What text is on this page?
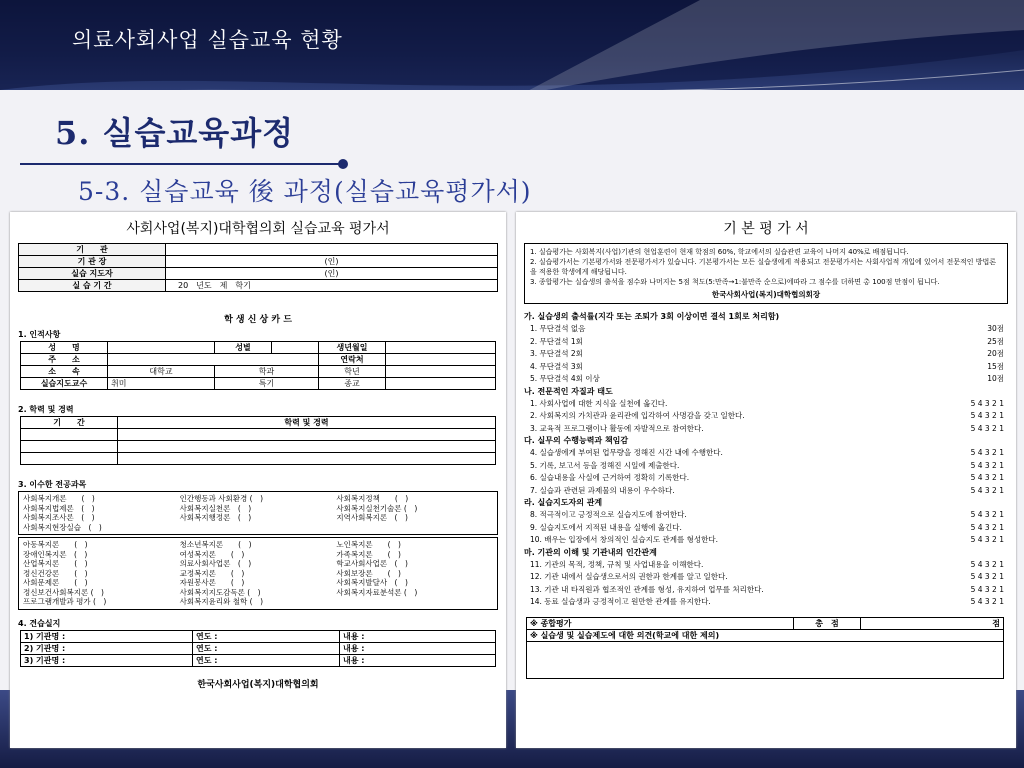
의료사회사업 실습교육 현황
5. 실습교육과정
5-3. 실습교육 後 과정(실습교육평가서)
사회사업(복지)대학협의회 실습교육 평가서
기　　관	
기 관 장	(인)
실습 지도자	(인)
실 습 기 간	20　년도　제　학기
학 생 신 상 카 드
1. 인적사항
성　　명		성별		생년월일	
주　　소				연락처	
소　　속	대학교	학과		학년	
실습지도교수	취미	특기		종교	
2. 학력 및 경력
기　　간	학력 및 경력

3. 이수한 전공과목
사회복지개론　　(　)	인간행동과 사회환경 (　)	사회복지정책　　(　)
사회복지법제론　(　)	사회복지실천론　(　)	사회복지실천기술론 (　)
사회복지조사론　(　)	사회복지행정론　(　)	지역사회복지론　(　)
사회복지현장실습　(　)
아동복지론　　(　)	청소년복지론　　(　)	노인복지론　　(　)
장애인복지론　(　)	여성복지론　　(　)	가족복지론　　(　)
산업복지론　　(　)	의료사회사업론　(　)	학교사회사업론　(　)
정신건강론　　(　)	교정복지론　　(　)	사회보장론　　(　)
사회문제론　　(　)	자원봉사론　　(　)	사회복지발달사　(　)
정신보건사회복지론 (　)	사회복지지도감독론 (　)	사회복지자료분석론 (　)
프로그램개발과 평가 (　)	사회복지윤리와 철학 (　)
4. 견습실지
1) 기관명 :	연도 :	내용 :
2) 기관명 :	연도 :	내용 :
3) 기관명 :	연도 :	내용 :
한국사회사업(복지)대학협의회
기 본 평 가 서
1. 실습평가는 사회복지(사업)기관의 현업훈련이 현재 학점의 60%, 학교에서의 실습관련 교육이 나머지 40%로 배점됩니다.
2. 실습평가서는 기본평가서와 전문평가서가 있습니다. 기본평가서는 모든 실습생에게 적용되고 전문평가서는 사회사업적 개입에 있어서 전문적인 방법론을 적용한 학생에게 해당됩니다.
3. 종합평가는 실습생의 출석을 점수와 나머지는 5점 척도(5:만족→1:불만족 순으로)에따라 그 점수를 더하면 총 100점 만점이 됩니다.
한국사회사업(복지)대학협의회장
가. 실습생의 출석률(지각 또는 조퇴가 3회 이상이면 결석 1회로 처리함)
1. 무단결석 없음	30점
2. 무단결석 1회	25점
3. 무단결석 2회	20점
4. 무단결석 3회	15점
5. 무단결석 4회 이상	10점
나. 전문적인 자질과 태도
1. 사회사업에 대한 지식을 실천에 옮긴다.	5 4 3 2 1
2. 사회복지의 가치관과 윤리관에 입각하여 사명감을 갖고 일한다.	5 4 3 2 1
3. 교육적 프로그램이나 활동에 자발적으로 참여한다.	5 4 3 2 1
다. 실무의 수행능력과 책임감
4. 실습생에게 부여된 업무량을 정해진 시간 내에 수행한다.	5 4 3 2 1
5. 기록, 보고서 등을 정해진 시일에 제출한다.	5 4 3 2 1
6. 실습내용을 사실에 근거하여 정확히 기록한다.	5 4 3 2 1
7. 실습과 관련된 과제물의 내용이 우수하다.	5 4 3 2 1
라. 실습지도자의 관계
8. 적극적이고 긍정적으로 실습지도에 참여한다.	5 4 3 2 1
9. 실습지도에서 지적된 내용을 실행에 옮긴다.	5 4 3 2 1
10. 배우는 입장에서 창의적인 실습지도 관계를 형성한다.	5 4 3 2 1
마. 기관의 이해 및 기관내의 인간관계
11. 기관의 목적, 정책, 규칙 및 사업내용을 이해한다.	5 4 3 2 1
12. 기관 내에서 실습생으로서의 권한과 한계를 알고 일한다.	5 4 3 2 1
13. 기관 내 타직원과 협조적인 관계를 형성, 유지하여 업무를 처리한다.	5 4 3 2 1
14. 동료 실습생과 긍정적이고 원만한 관계를 유지한다.	5 4 3 2 1
※ 종합평가	총　점	점
※ 실습생 및 실습제도에 대한 의견(학교에 대한 제의)
